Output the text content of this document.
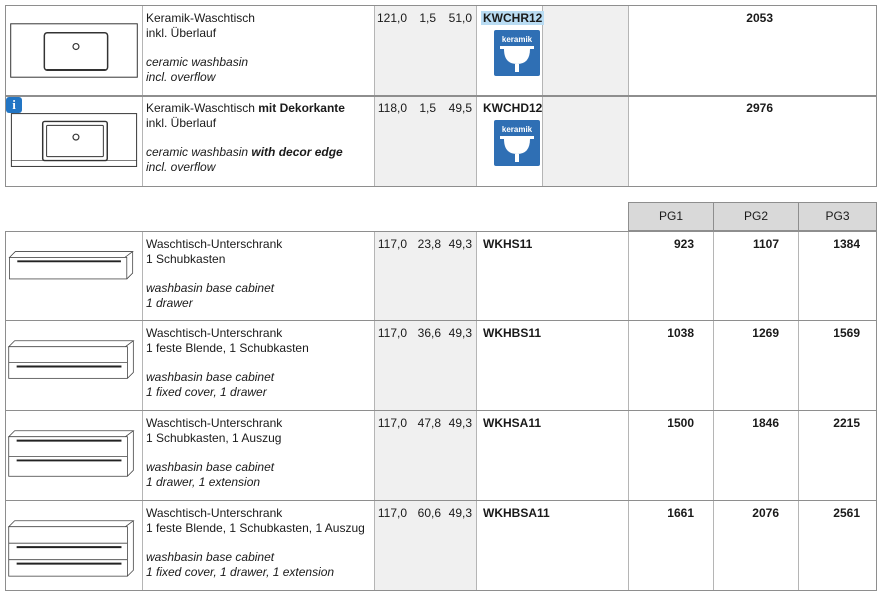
Keramik-Waschtisch
inkl. Überlauf
ceramic washbasin
incl. overflow
121,0	1,5	51,0 KWCHR12
keramik
2053
i	Keramik-Waschtisch mit Dekorkante
inkl. Überlauf
ceramic washbasin with decor edge
incl. overflow
118,0	1,5	49,5 KWCHD12
keramik
2976
PG1	PG2	PG3
Waschtisch-Unterschrank
1 Schubkasten
washbasin base cabinet
1 drawer
117,0 23,8 49,3 WKHS11	923	1107	1384
Waschtisch-Unterschrank
1 feste Blende, 1 Schubkasten
washbasin base cabinet
1 fixed cover, 1 drawer
117,0 36,6 49,3 WKHBS11	1038	1269	1569
Waschtisch-Unterschrank
1 Schubkasten, 1 Auszug
washbasin base cabinet
1 drawer, 1 extension
117,0 47,8 49,3 WKHSA11	1500	1846	2215
Waschtisch-Unterschrank
1 feste Blende, 1 Schubkasten, 1 Auszug
washbasin base cabinet
1 fixed cover, 1 drawer, 1 extension
117,0 60,6 49,3 WKHBSA11	1661	2076	2561
